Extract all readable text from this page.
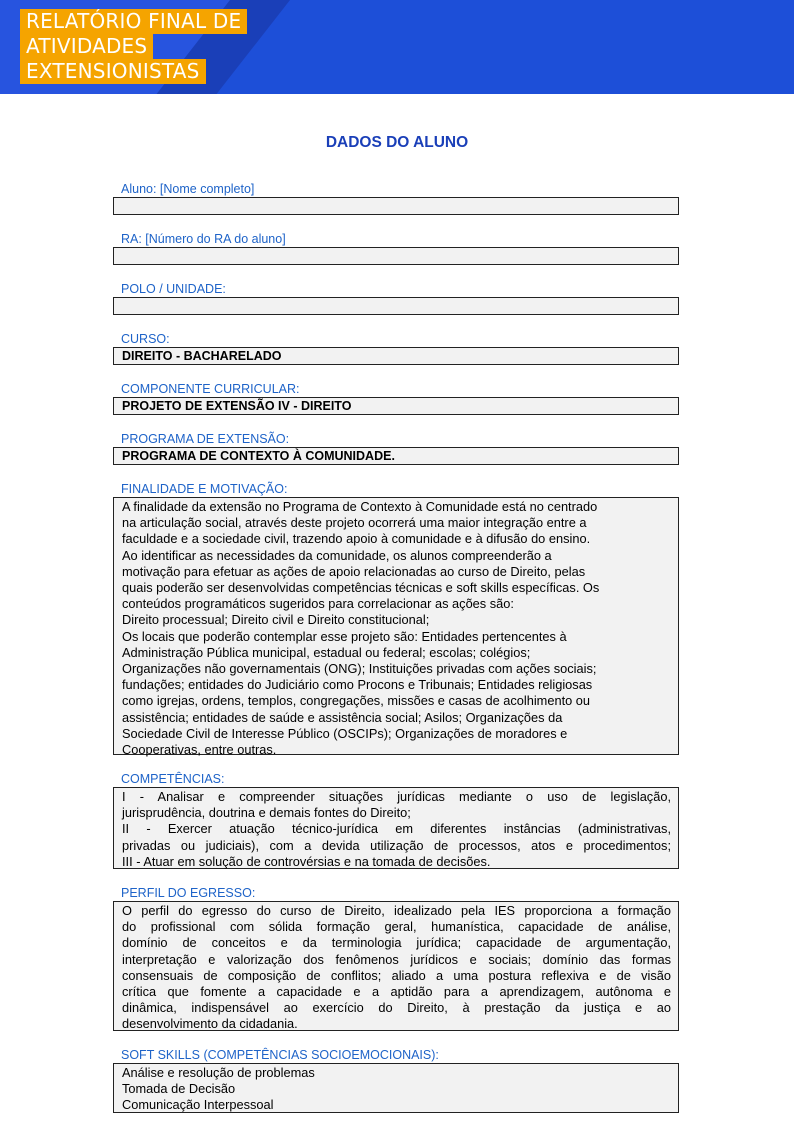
RELATÓRIO FINAL DE
ATIVIDADES
EXTENSIONISTAS
DADOS DO ALUNO
Aluno: [Nome completo]
RA: [Número do RA do aluno]
POLO / UNIDADE:
CURSO:
DIREITO - BACHARELADO
COMPONENTE CURRICULAR:
PROJETO DE EXTENSÃO IV - DIREITO
PROGRAMA DE EXTENSÃO:
PROGRAMA DE CONTEXTO À COMUNIDADE.
FINALIDADE E MOTIVAÇÃO:
A finalidade da extensão no Programa de Contexto à Comunidade está no centrado
na articulação social, através deste projeto ocorrerá uma maior integração entre a
faculdade e a sociedade civil, trazendo apoio à comunidade e à difusão do ensino.
Ao identificar as necessidades da comunidade, os alunos compreenderão a
motivação para efetuar as ações de apoio relacionadas ao curso de Direito, pelas
quais poderão ser desenvolvidas competências técnicas e soft skills específicas. Os
conteúdos programáticos sugeridos para correlacionar as ações são:
Direito processual; Direito civil e Direito constitucional;
Os locais que poderão contemplar esse projeto são: Entidades pertencentes à
Administração Pública municipal, estadual ou federal; escolas; colégios;
Organizações não governamentais (ONG); Instituições privadas com ações sociais;
fundações; entidades do Judiciário como Procons e Tribunais; Entidades religiosas
como igrejas, ordens, templos, congregações, missões e casas de acolhimento ou
assistência; entidades de saúde e assistência social; Asilos; Organizações da
Sociedade Civil de Interesse Público (OSCIPs); Organizações de moradores e
Cooperativas, entre outras.
COMPETÊNCIAS:
I - Analisar e compreender situações jurídicas mediante o uso de legislação,
jurisprudência, doutrina e demais fontes do Direito;
II - Exercer atuação técnico-jurídica em diferentes instâncias (administrativas,
privadas ou judiciais), com a devida utilização de processos, atos e procedimentos;
III - Atuar em solução de controvérsias e na tomada de decisões.
PERFIL DO EGRESSO:
O perfil do egresso do curso de Direito, idealizado pela IES proporciona a formação
do profissional com sólida formação geral, humanística, capacidade de análise,
domínio de conceitos e da terminologia jurídica; capacidade de argumentação,
interpretação e valorização dos fenômenos jurídicos e sociais; domínio das formas
consensuais de composição de conflitos; aliado a uma postura reflexiva e de visão
crítica que fomente a capacidade e a aptidão para a aprendizagem, autônoma e
dinâmica, indispensável ao exercício do Direito, à prestação da justiça e ao
desenvolvimento da cidadania.
SOFT SKILLS (COMPETÊNCIAS SOCIOEMOCIONAIS):
Análise e resolução de problemas
Tomada de Decisão
Comunicação Interpessoal
